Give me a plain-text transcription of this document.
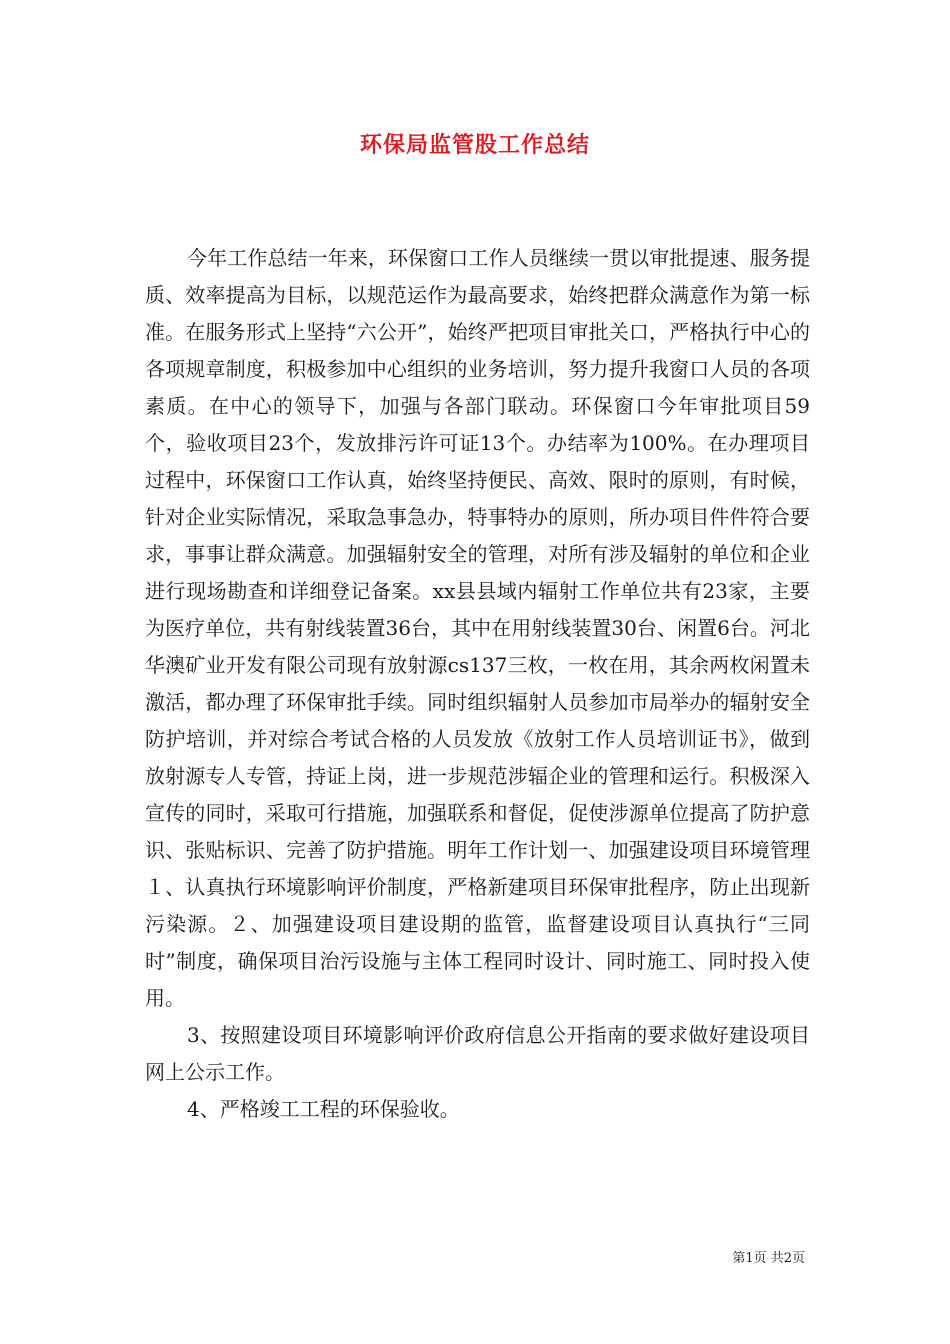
环保局监管股工作总结

今年工作总结一年来，环保窗口工作人员继续一贯以审批提速、服务提质、效率提高为目标，以规范运作为最高要求，始终把群众满意作为第一标准。在服务形式上坚持“六公开”，始终严把项目审批关口，严格执行中心的各项规章制度，积极参加中心组织的业务培训，努力提升我窗口人员的各项素质。在中心的领导下，加强与各部门联动。环保窗口今年审批项目59个，验收项目23个，发放排污许可证13个。办结率为100%。在办理项目过程中，环保窗口工作认真，始终坚持便民、高效、限时的原则，有时候，针对企业实际情况，采取急事急办，特事特办的原则，所办项目件件符合要求，事事让群众满意。加强辐射安全的管理，对所有涉及辐射的单位和企业进行现场勘查和详细登记备案。xx县县域内辐射工作单位共有23家，主要为医疗单位，共有射线装置36台，其中在用射线装置30台、闲置6台。河北华澳矿业开发有限公司现有放射源cs137三枚，一枚在用，其余两枚闲置未激活，都办理了环保审批手续。同时组织辐射人员参加市局举办的辐射安全防护培训，并对综合考试合格的人员发放《放射工作人员培训证书》，做到放射源专人专管，持证上岗，进一步规范涉辐企业的管理和运行。积极深入宣传的同时，采取可行措施，加强联系和督促，促使涉源单位提高了防护意识、张贴标识、完善了防护措施。明年工作计划一、加强建设项目环境管理１、认真执行环境影响评价制度，严格新建项目环保审批程序，防止出现新污染源。２、加强建设项目建设期的监管，监督建设项目认真执行“三同时”制度，确保项目治污设施与主体工程同时设计、同时施工、同时投入使用。

3、按照建设项目环境影响评价政府信息公开指南的要求做好建设项目网上公示工作。

4、严格竣工工程的环保验收。

第1页 共2页
